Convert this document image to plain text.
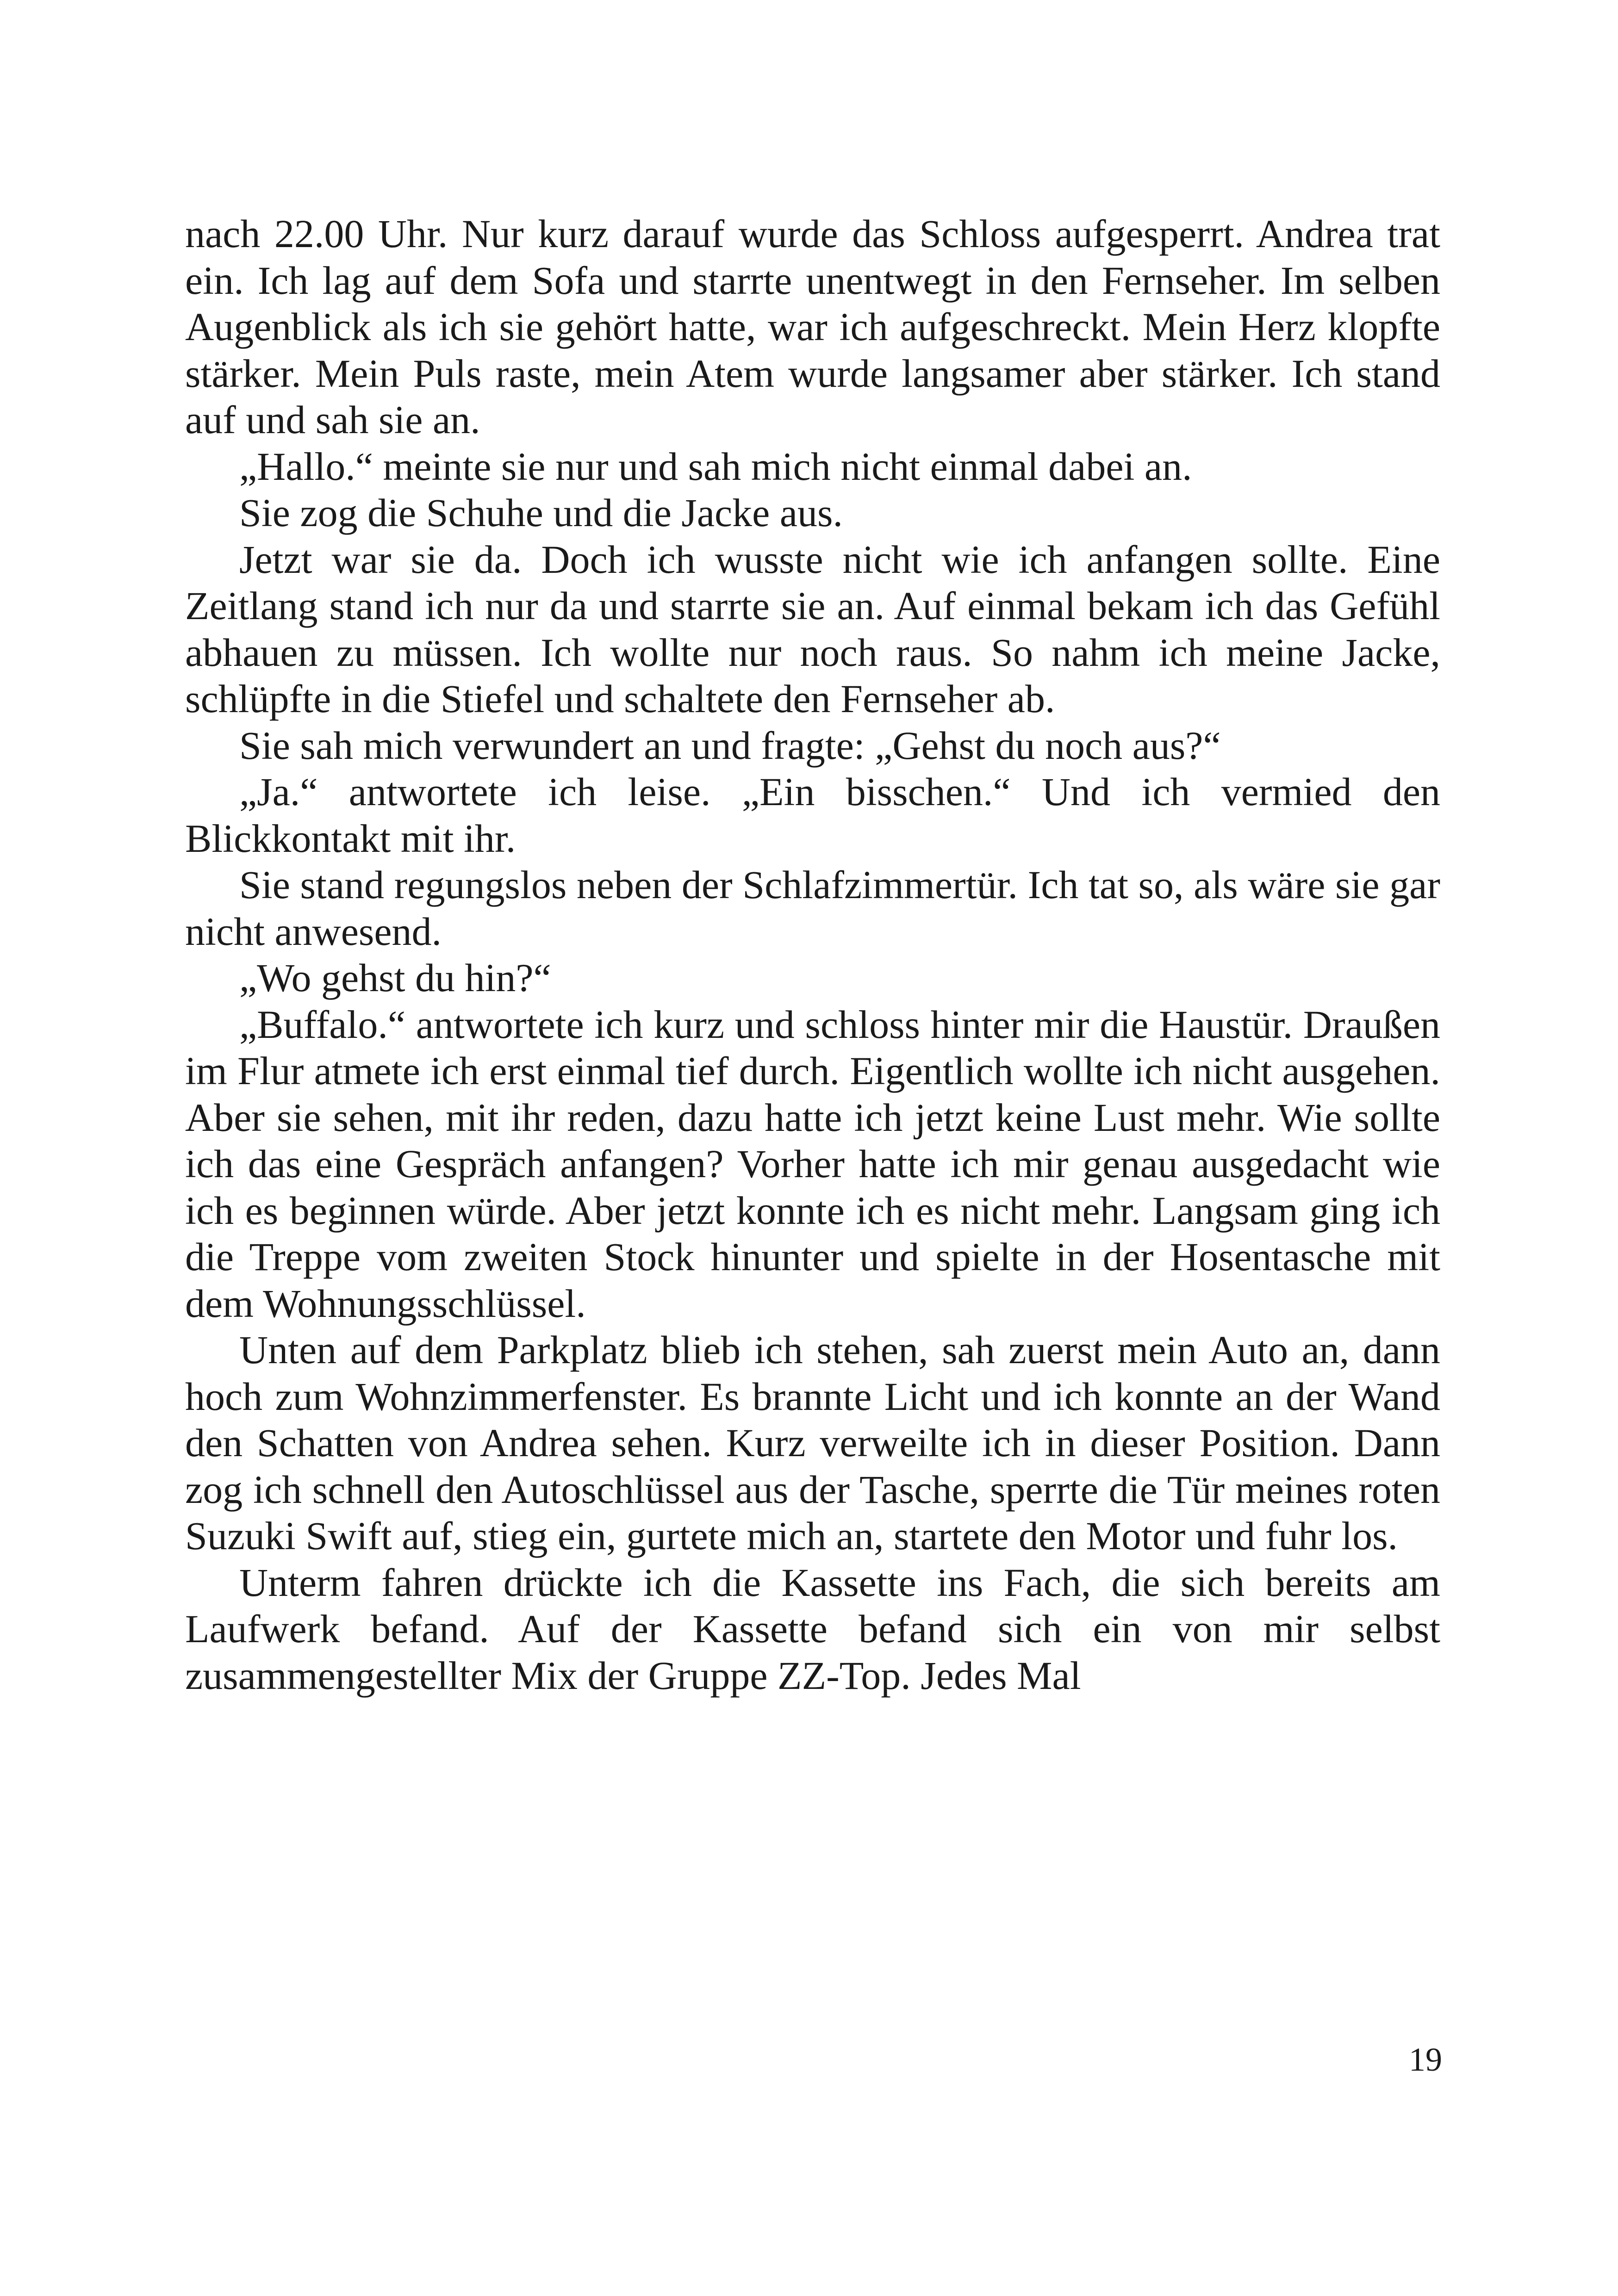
nach 22.00 Uhr. Nur kurz darauf wurde das Schloss aufgesperrt. Andrea trat ein. Ich lag auf dem Sofa und starrte unentwegt in den Fernseher. Im selben Augenblick als ich sie gehört hatte, war ich aufgeschreckt. Mein Herz klopfte stärker. Mein Puls raste, mein Atem wurde langsamer aber stärker. Ich stand auf und sah sie an.

„Hallo.“ meinte sie nur und sah mich nicht einmal dabei an.

Sie zog die Schuhe und die Jacke aus.

Jetzt war sie da. Doch ich wusste nicht wie ich anfangen sollte. Eine Zeitlang stand ich nur da und starrte sie an. Auf einmal bekam ich das Gefühl abhauen zu müssen. Ich wollte nur noch raus. So nahm ich meine Jacke, schlüpfte in die Stiefel und schaltete den Fernseher ab.

Sie sah mich verwundert an und fragte: „Gehst du noch aus?“

„Ja.“ antwortete ich leise. „Ein bisschen.“ Und ich vermied den Blickkontakt mit ihr.

Sie stand regungslos neben der Schlafzimmertür. Ich tat so, als wäre sie gar nicht anwesend.

„Wo gehst du hin?“

„Buffalo.“ antwortete ich kurz und schloss hinter mir die Haustür. Draußen im Flur atmete ich erst einmal tief durch. Eigentlich wollte ich nicht ausgehen. Aber sie sehen, mit ihr reden, dazu hatte ich jetzt keine Lust mehr. Wie sollte ich das eine Gespräch anfangen? Vorher hatte ich mir genau ausgedacht wie ich es beginnen würde. Aber jetzt konnte ich es nicht mehr. Langsam ging ich die Treppe vom zweiten Stock hinunter und spielte in der Hosentasche mit dem Wohnungsschlüssel.

Unten auf dem Parkplatz blieb ich stehen, sah zuerst mein Auto an, dann hoch zum Wohnzimmerfenster. Es brannte Licht und ich konnte an der Wand den Schatten von Andrea sehen. Kurz verweilte ich in dieser Position. Dann zog ich schnell den Autoschlüssel aus der Tasche, sperrte die Tür meines roten Suzuki Swift auf, stieg ein, gurtete mich an, startete den Motor und fuhr los.

Unterm fahren drückte ich die Kassette ins Fach, die sich bereits am Laufwerk befand. Auf der Kassette befand sich ein von mir selbst zusammengestellter Mix der Gruppe ZZ-Top. Jedes Mal

19
